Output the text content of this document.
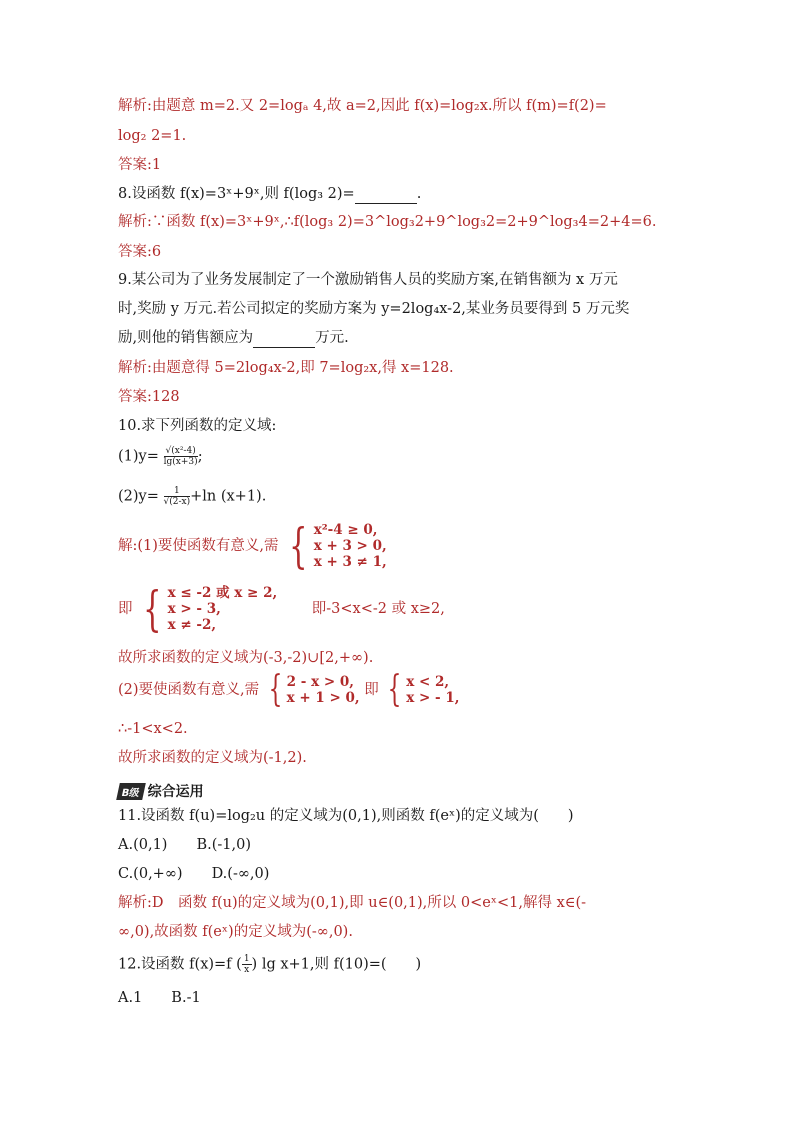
解析:由题意 m=2.又 2=logₐ 4,故 a=2,因此 f(x)=log₂x.所以 f(m)=f(2)=
log₂ 2=1.
答案:1
8.设函数 f(x)=3ˣ+9ˣ,则 f(log₃ 2)=	.
解析:∵函数 f(x)=3ˣ+9ˣ,∴f(log₃ 2)=3^log₃2+9^log₃2=2+9^log₃4=2+4=6.
答案:6
9.某公司为了业务发展制定了一个激励销售人员的奖励方案,在销售额为 x 万元
时,奖励 y 万元.若公司拟定的奖励方案为 y=2log₄x-2,某业务员要得到 5 万元奖
励,则他的销售额应为	万元.
解析:由题意得 5=2log₄x-2,即 7=log₂x,得 x=128.
答案:128
10.求下列函数的定义域:
$(1)y= \frac{\text{√(x²-4)}}{\lg(x+3)}$ ;
$(2)y= \frac{1}{√(2-x)} +\ln$ (x+1).
解:(1)要使函数有意义,需 { x²-4 ≥ 0,
x + 3 > 0,
x + 3 ≠ 1,
即 { x ≤ -2 或 x ≥ 2,
x > - 3,
x ≠ -2,
即-3<x<-2 或 x≥2,
故所求函数的定义域为(-3,-2)∪[2,+∞).
(2)要使函数有意义,需 { 2 - x > 0,
x + 1 > 0, 即 { x < 2,
x > - 1,
∴-1<x<2.
故所求函数的定义域为(-1,2).
B级 综合运用
11.设函数 f(u)=log₂u 的定义域为(0,1),则函数 f(eˣ)的定义域为(　　)
A.(0,1)　　B.(-1,0)
C.(0,+∞)　　D.(-∞,0)
解析:D　函数 f(u)的定义域为(0,1),即 u∈(0,1),所以 0<eˣ<1,解得 x∈(-
∞,0),故函数 f(eˣ)的定义域为(-∞,0).
12.设函数 f(x)=f ( $\frac{1}{x}$ ) lg x+1,则 f(10)=(　　)
A.1　　B.-1
